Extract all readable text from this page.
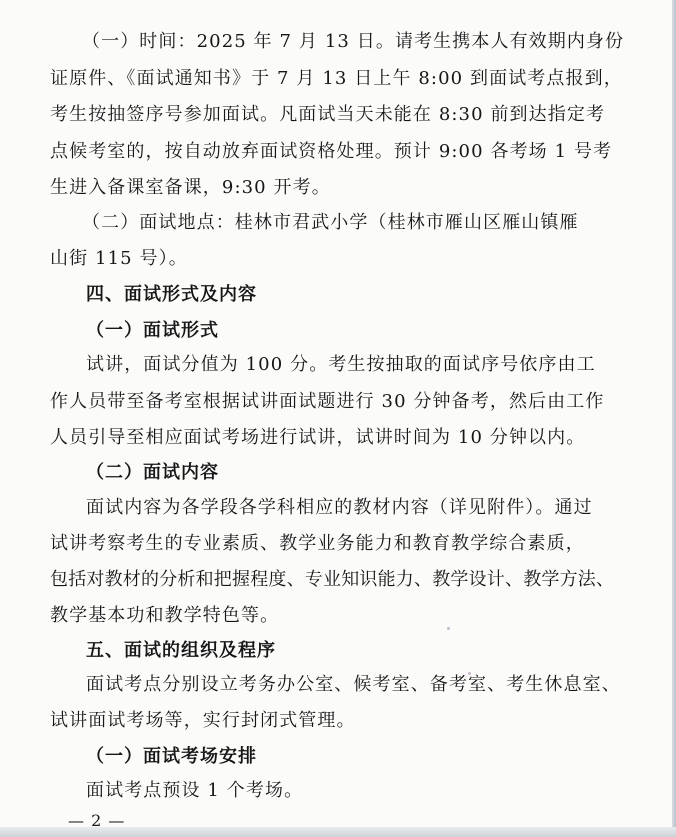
（一）时间：2025 年 7 月 13 日。请考生携本人有效期内身份
证原件、《面试通知书》于 7 月 13 日上午 8:00 到面试考点报到，
考生按抽签序号参加面试。凡面试当天未能在 8:30 前到达指定考
点候考室的，按自动放弃面试资格处理。预计 9:00 各考场 1 号考
生进入备课室备课，9:30 开考。
（二）面试地点：桂林市君武小学（桂林市雁山区雁山镇雁
山街 115 号）。
四、面试形式及内容
（一）面试形式
试讲，面试分值为 100 分。考生按抽取的面试序号依序由工
作人员带至备考室根据试讲面试题进行 30 分钟备考，然后由工作
人员引导至相应面试考场进行试讲，试讲时间为 10 分钟以内。
（二）面试内容
面试内容为各学段各学科相应的教材内容（详见附件）。通过
试讲考察考生的专业素质、教学业务能力和教育教学综合素质，
包括对教材的分析和把握程度、专业知识能力、教学设计、教学方法、
教学基本功和教学特色等。
五、面试的组织及程序
面试考点分别设立考务办公室、候考室、备考室、考生休息室、
试讲面试考场等，实行封闭式管理。
（一）面试考场安排
面试考点预设 1 个考场。
— 2 —
